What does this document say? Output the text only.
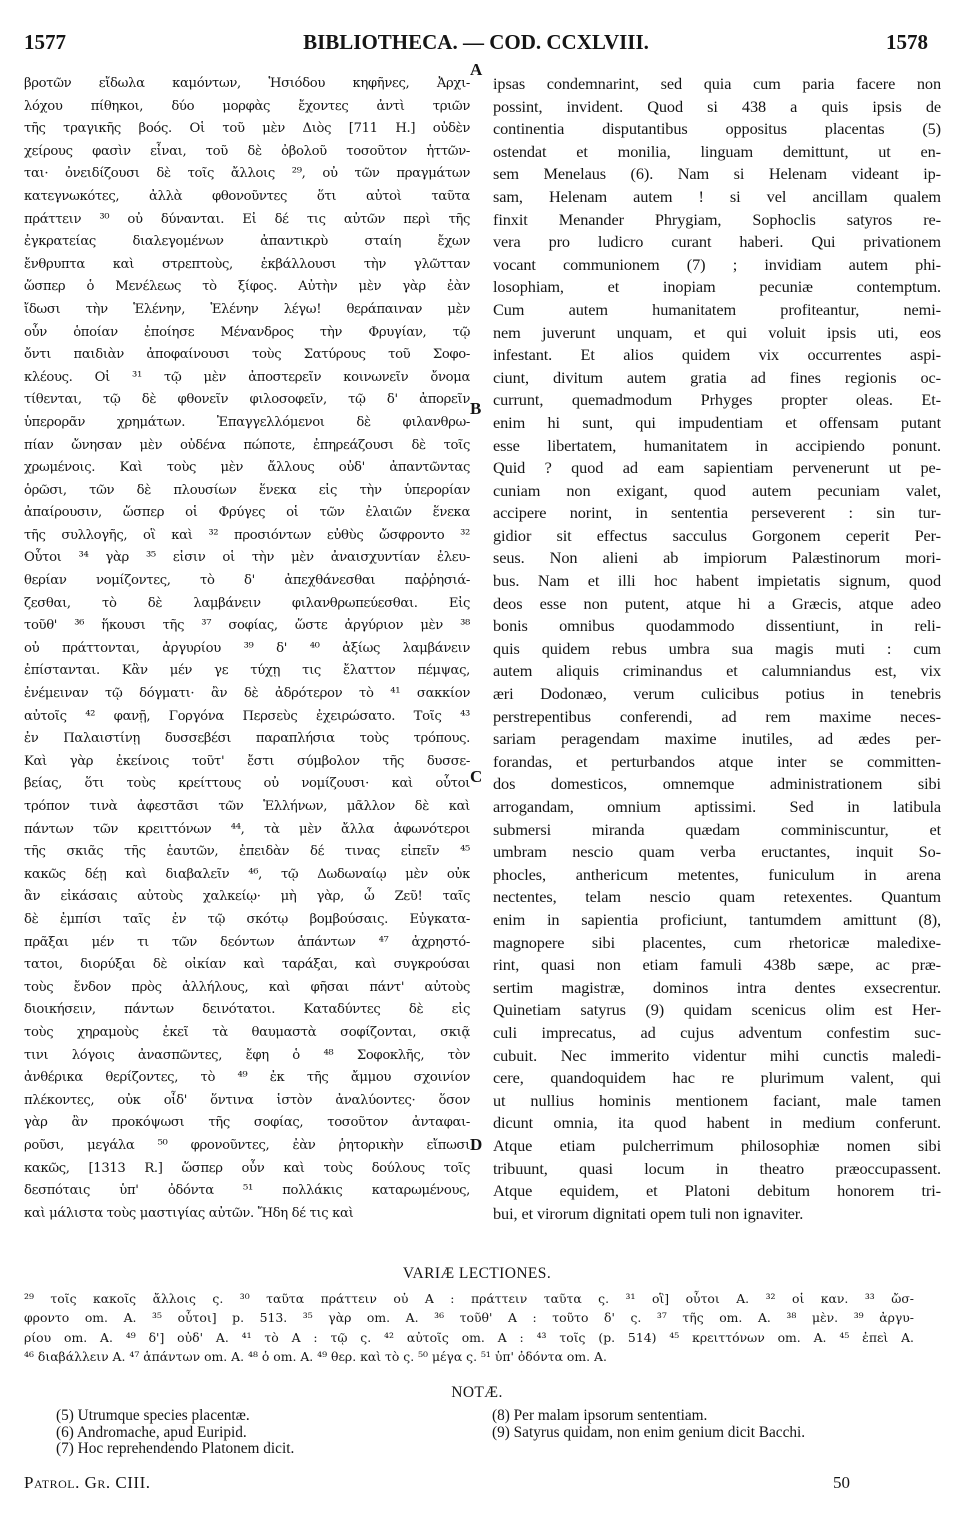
1577	BIBLIOTHECA. — COD. CCXLVIII.	1578
βροτῶν εἴδωλα καμόντων, Ἡσιόδου κηφῆνες, Ἀρχι-
λόχου πίθηκοι, δύο μορφὰς ἔχοντες ἀντὶ τριῶν
τῆς τραγικῆς βοός. Οἱ τοῦ μὲν Διὸς [711 Η.] οὐδὲν
χείρους φασὶν εἶναι, τοῦ δὲ ὀβολοῦ τοσοῦτον ἡττῶν-
ται· ὀνειδίζουσι δὲ τοῖς ἄλλοις ²⁹, οὐ τῶν πραγμάτων
κατεγνωκότες, ἀλλὰ φθονοῦντες ὅτι αὐτοὶ ταῦτα
πράττειν ³⁰ οὐ δύνανται. Εἰ δέ τις αὐτῶν περὶ τῆς
ἐγκρατείας διαλεγομένων ἀπαντικρὺ σταίη ἔχων
ἔνθρυπτα καὶ στρεπτοὺς, ἐκβάλλουσι τὴν γλῶτταν
ὥσπερ ὁ Μενέλεως τὸ ξίφος. Αὐτὴν μὲν γὰρ ἐὰν
ἴδωσι τὴν Ἑλένην, Ἑλένην λέγω! θεράπαιναν μὲν
οὖν ὁποίαν ἐποίησε Μένανδρος τὴν Φρυγίαν, τῷ
ὄντι παιδιὰν ἀποφαίνουσι τοὺς Σατύρους τοῦ Σοφο-
κλέους. Οἱ ³¹ τῷ μὲν ἀποστερεῖν κοινωνεῖν ὄνομα
τίθενται, τῷ δὲ φθονεῖν φιλοσοφεῖν, τῷ δ' ἀπορεῖν
ὑπερορᾶν χρημάτων. Ἐπαγγελλόμενοι δὲ φιλανθρω-
πίαν ὤνησαν μὲν οὐδένα πώποτε, ἐπηρεάζουσι δὲ τοῖς
χρωμένοις. Καὶ τοὺς μὲν ἄλλους οὐδ' ἀπαντῶντας
ὁρῶσι, τῶν δὲ πλουσίων ἕνεκα εἰς τὴν ὑπερορίαν
ἀπαίρουσιν, ὥσπερ οἱ Φρύγες οἱ τῶν ἐλαιῶν ἕνεκα
τῆς συλλογῆς, οἳ καὶ ³² προσιόντων εὐθὺς ὤσφροντο ³²
Οὗτοι ³⁴ γὰρ ³⁵ εἰσιν οἱ τὴν μὲν ἀναισχυντίαν ἐλευ-
θερίαν νομίζοντες, τὸ δ' ἀπεχθάνεσθαι παῤῥησιά-
ζεσθαι, τὸ δὲ λαμβάνειν φιλανθρωπεύεσθαι. Εἰς
τοῦθ' ³⁶ ἥκουσι τῆς ³⁷ σοφίας, ὥστε ἀργύριον μὲν ³⁸
οὐ πράττονται, ἀργυρίου ³⁹ δ' ⁴⁰ ἀξίως λαμβάνειν
ἐπίστανται. Κἂν μέν γε τύχῃ τις ἔλαττον πέμψας,
ἐνέμειναν τῷ δόγματι· ἂν δὲ ἀδρότερον τὸ ⁴¹ σακκίον
αὐτοῖς ⁴² φανῇ, Γοργόνα Περσεὺς ἐχειρώσατο. Τοῖς ⁴³
ἐν Παλαιστίνῃ δυσσεβέσι παραπλήσια τοὺς τρόπους.
Καὶ γὰρ ἐκείνοις τοῦτ' ἔστι σύμβολον τῆς δυσσε-
βείας, ὅτι τοὺς κρείττους οὐ νομίζουσι· καὶ οὗτοι
τρόπον τινὰ ἀφεστᾶσι τῶν Ἑλλήνων, μᾶλλον δὲ καὶ
πάντων τῶν κρειττόνων ⁴⁴, τὰ μὲν ἄλλα ἀφωνότεροι
τῆς σκιᾶς τῆς ἑαυτῶν, ἐπειδὰν δέ τινας εἰπεῖν ⁴⁵
κακῶς δέῃ καὶ διαβαλεῖν ⁴⁶, τῷ Δωδωναίῳ μὲν οὐκ
ἂν εἰκάσαις αὐτοὺς χαλκείῳ· μὴ γὰρ, ὦ Ζεῦ! ταῖς
δὲ ἐμπίσι ταῖς ἐν τῷ σκότῳ βομβούσαις. Εὐγκατα-
πρᾶξαι μέν τι τῶν δεόντων ἁπάντων ⁴⁷ ἀχρηστό-
τατοι, διορύξαι δὲ οἰκίαν καὶ ταράξαι, καὶ συγκρούσαι
τοὺς ἔνδον πρὸς ἀλλήλους, καὶ φῆσαι πάντ' αὐτοὺς
διοικήσειν, πάντων δεινότατοι. Καταδύντες δὲ εἰς
τοὺς χηραμοὺς ἐκεῖ τὰ θαυμαστὰ σοφίζονται, σκιᾷ
τινι λόγοις ἀνασπῶντες, ἔφη ὁ ⁴⁸ Σοφοκλῆς, τὸν
ἀνθέρικα θερίζοντες, τὸ ⁴⁹ ἐκ τῆς ἄμμου σχοινίον
πλέκοντες, οὐκ οἶδ' ὅντινα ἱστὸν ἀναλύοντες· ὅσον
γὰρ ἂν προκόψωσι τῆς σοφίας, τοσοῦτον ἀνταφαι-
ροῦσι, μεγάλα ⁵⁰ φρονοῦντες, ἐὰν ῥητορικὴν εἴπωσι
κακῶς, [1313 R.] ὥσπερ οὖν καὶ τοὺς δούλους τοῖς
δεσπόταις ὑπ' ὀδόντα ⁵¹ πολλάκις καταρωμένους,
καὶ μάλιστα τοὺς μαστιγίας αὐτῶν. Ἤδη δέ τις καὶ
ipsas condemnarint, sed quia cum paria facere non
possint, invident. Quod si 438 a quis ipsis de
continentia disputantibus oppositus placentas (5)
ostendat et monilia, linguam demittunt, ut en-
sem Menelaus (6). Nam si Helenam videant ip-
sam, Helenam autem ! si vel ancillam qualem
finxit Menander Phrygiam, Sophoclis satyros re-
vera pro ludicro curant haberi. Qui privationem
vocant communionem (7) ; invidiam autem phi-
losophiam, et inopiam pecuniæ contemptum.
Cum autem humanitatem profiteantur, nemi-
nem juverunt unquam, et qui voluit ipsis uti, eos
infestant. Et alios quidem vix occurrentes aspi-
ciunt, divitum autem gratia ad fines regionis oc-
currunt, quemadmodum Prhyges propter oleas. Et-
enim hi sunt, qui impudentiam et offensam putant
esse libertatem, humanitatem in accipiendo ponunt.
Quid ? quod ad eam sapientiam pervenerunt ut pe-
cuniam non exigant, quod autem pecuniam valet,
accipere norint, in sententia perseverent : sin tur-
gidior sit effectus sacculus Gorgonem ceperit Per-
seus. Non alieni ab impiorum Palæstinorum mori-
bus. Nam et illi hoc habent impietatis signum, quod
deos esse non putent, atque hi a Græcis, atque adeo
bonis omnibus quodammodo dissentiunt, in reli-
quis quidem rebus umbra sua magis muti : cum
autem aliquis criminandus et calumniandus est, vix
æri Dodonæo, verum culicibus potius in tenebris
perstrepentibus conferendi, ad rem maxime neces-
sariam peragendam maxime inutiles, ad ædes per-
forandas, et perturbandos atque inter se committen-
dos domesticos, omnemque administrationem sibi
arrogandam, omnium aptissimi. Sed in latibula
submersi miranda quædam comminiscuntur, et
umbram nescio quam verba eructantes, inquit So-
phocles, anthericum metentes, funiculum in arena
nectentes, telam nescio quam retexentes. Quantum
enim in sapientia proficiunt, tantumdem amittunt (8),
magnopere sibi placentes, cum rhetoricæ maledixe-
rint, quasi non etiam famuli 438b sæpe, ac præ-
sertim magistræ, dominos intra dentes exsecrentur.
Quinetiam satyrus (9) quidam scenicus olim est Her-
culi imprecatus, ad cujus adventum confestim suc-
cubuit. Nec immerito videntur mihi cunctis maledi-
cere, quandoquidem hac re plurimum valent, qui
ut nullius hominis mentionem faciant, male tamen
dicunt omnia, ita quod habent in medium conferunt.
Atque etiam pulcherrimum philosophiæ nomen sibi
tribuunt, quasi locum in theatro præoccupassent.
Atque equidem, et Platoni debitum honorem tri-
bui, et virorum dignitati opem tuli non ignaviter.
A
B
C
D
VARIÆ LECTIONES.
²⁹ τοῖς κακοῖς ἄλλοις ς. ³⁰ ταῦτα πράττειν οὐ A : πράττειν ταῦτα ς. ³¹ οἳ] οὗτοι A. ³² οἱ καν. ³³ ὤσ-
φροντο om. A. ³⁵ οὗτοι] p. 513. ³⁵ γὰρ om. A. ³⁶ τοῦθ' A : τοῦτο δ' ς. ³⁷ τῆς om. A. ³⁸ μὲν. ³⁹ ἀργυ-
ρίου om. A. ⁴⁹ δ'] οὐδ' A. ⁴¹ τὸ A : τῷ ς. ⁴² αὐτοῖς om. A : ⁴³ τοῖς (p. 514) ⁴⁵ κρειττόνων om. A. ⁴⁵ ἐπεὶ A.
⁴⁶ διαβάλλειν A. ⁴⁷ ἁπάντων om. A. ⁴⁸ ὁ om. A. ⁴⁹ θερ. καὶ τὸ ς. ⁵⁰ μέγα ς. ⁵¹ ὑπ' ὀδόντα om. A.
NOTÆ.
(5) Utrumque species placentæ.
(6) Andromache, apud Euripid.
(7) Hoc reprehendendo Platonem dicit.
(8) Per malam ipsorum sententiam.
(9) Satyrus quidam, non enim genium dicit Bacchi.
Patrol. Gr. CIII.	50
